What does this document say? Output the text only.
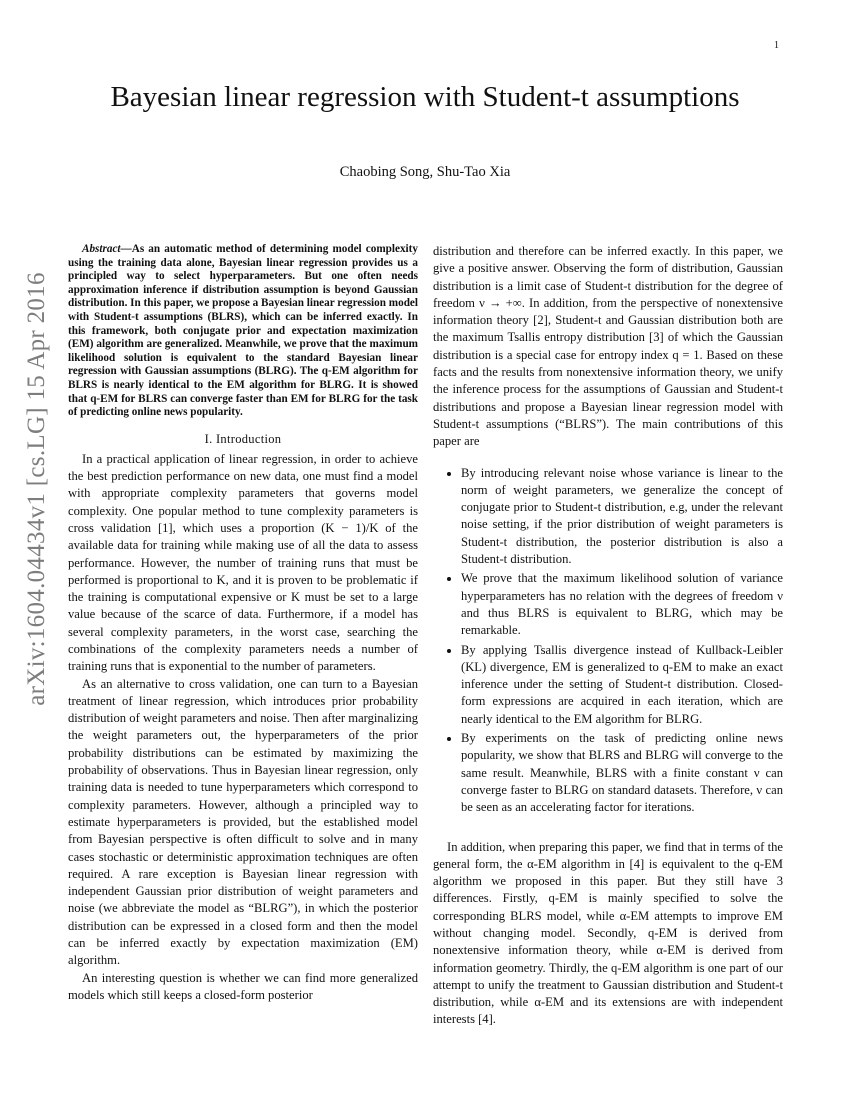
1
arXiv:1604.04434v1 [cs.LG] 15 Apr 2016
Bayesian linear regression with Student-t assumptions
Chaobing Song, Shu-Tao Xia

Abstract—As an automatic method of determining model complexity using the training data alone, Bayesian linear regression provides us a principled way to select hyperparameters. But one often needs approximation inference if distribution assumption is beyond Gaussian distribution. In this paper, we propose a Bayesian linear regression model with Student-t assumptions (BLRS), which can be inferred exactly. In this framework, both conjugate prior and expectation maximization (EM) algorithm are generalized. Meanwhile, we prove that the maximum likelihood solution is equivalent to the standard Bayesian linear regression with Gaussian assumptions (BLRG). The q-EM algorithm for BLRS is nearly identical to the EM algorithm for BLRG. It is showed that q-EM for BLRS can converge faster than EM for BLRG for the task of predicting online news popularity.

I. Introduction

In a practical application of linear regression, in order to achieve the best prediction performance on new data, one must find a model with appropriate complexity parameters that governs model complexity. One popular method to tune complexity parameters is cross validation [1], which uses a proportion (K − 1)/K of the available data for training while making use of all the data to assess performance. However, the number of training runs that must be performed is proportional to K, and it is proven to be problematic if the training is computational expensive or K must be set to a large value because of the scarce of data. Furthermore, if a model has several complexity parameters, in the worst case, searching the combinations of the complexity parameters needs a number of training runs that is exponential to the number of parameters.

As an alternative to cross validation, one can turn to a Bayesian treatment of linear regression, which introduces prior probability distribution of weight parameters and noise. Then after marginalizing the weight parameters out, the hyperparameters of the prior probability distributions can be estimated by maximizing the probability of observations. Thus in Bayesian linear regression, only training data is needed to tune hyperparameters which correspond to complexity parameters. However, although a principled way to estimate hyperparameters is provided, but the established model from Bayesian perspective is often difficult to solve and in many cases stochastic or deterministic approximation techniques are often required. A rare exception is Bayesian linear regression with independent Gaussian prior distribution of weight parameters and noise (we abbreviate the model as “BLRG”), in which the posterior distribution can be expressed in a closed form and then the model can be inferred exactly by expectation maximization (EM) algorithm.

An interesting question is whether we can find more generalized models which still keeps a closed-form posterior

distribution and therefore can be inferred exactly. In this paper, we give a positive answer. Observing the form of distribution, Gaussian distribution is a limit case of Student-t distribution for the degree of freedom ν → +∞. In addition, from the perspective of nonextensive information theory [2], Student-t and Gaussian distribution both are the maximum Tsallis entropy distribution [3] of which the Gaussian distribution is a special case for entropy index q = 1. Based on these facts and the results from nonextensive information theory, we unify the inference process for the assumptions of Gaussian and Student-t distributions and propose a Bayesian linear regression model with Student-t assumptions (“BLRS”). The main contributions of this paper are

• By introducing relevant noise whose variance is linear to the norm of weight parameters, we generalize the concept of conjugate prior to Student-t distribution, e.g, under the relevant noise setting, if the prior distribution of weight parameters is Student-t distribution, the posterior distribution is also a Student-t distribution.
• We prove that the maximum likelihood solution of variance hyperparameters has no relation with the degrees of freedom ν and thus BLRS is equivalent to BLRG, which may be remarkable.
• By applying Tsallis divergence instead of Kullback-Leibler (KL) divergence, EM is generalized to q-EM to make an exact inference under the setting of Student-t distribution. Closed-form expressions are acquired in each iteration, which are nearly identical to the EM algorithm for BLRG.
• By experiments on the task of predicting online news popularity, we show that BLRS and BLRG will converge to the same result. Meanwhile, BLRS with a finite constant ν can converge faster to BLRG on standard datasets. Therefore, ν can be seen as an accelerating factor for iterations.

In addition, when preparing this paper, we find that in terms of the general form, the α-EM algorithm in [4] is equivalent to the q-EM algorithm we proposed in this paper. But they still have 3 differences. Firstly, q-EM is mainly specified to solve the corresponding BLRS model, while α-EM attempts to improve EM without changing model. Secondly, q-EM is derived from nonextensive information theory, while α-EM is derived from information geometry. Thirdly, the q-EM algorithm is one part of our attempt to unify the treatment to Gaussian distribution and Student-t distribution, while α-EM and its extensions are with independent interests [4].
